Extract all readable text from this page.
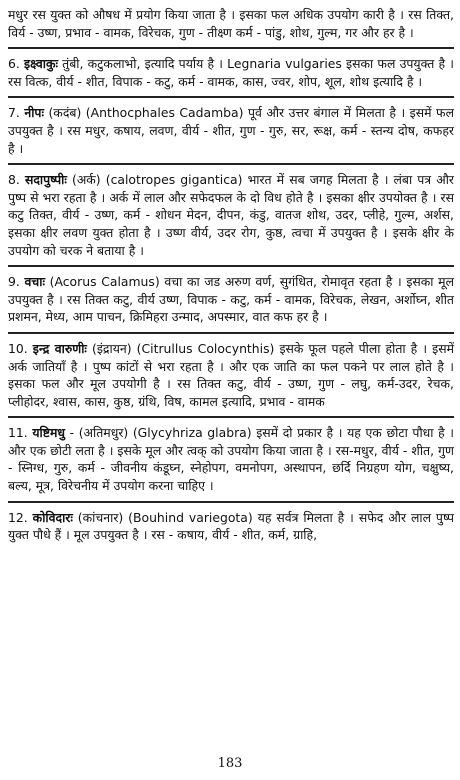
मधुर रस युक्त को औषध में प्रयोग किया जाता है । इसका फल अधिक उपयोग कारी है । रस तिक्त, विर्य - उष्ण, प्रभाव - वामक, विरेचक, गुण - तीक्ष्ण कर्म - पांडु, शोथ, गुल्म, गर और हर है ।

6. इक्ष्वाकुः तुंबी, कटुकलाभो, इत्यादि पर्याय है । Legnaria vulgaries इसका फल उपयुक्त है । रस वित्क, वीर्य - शीत, विपाक - कटु, कर्म - वामक, कास, ज्वर, शोप, शूल, शोथ इत्यादि है ।

7. नीपः (कदंब) (Anthocphales Cadamba) पूर्व और उत्तर बंगाल में मिलता है । इसमें फल उपयुक्त है । रस मधुर, कषाय, लवण, वीर्य - शीत, गुण - गुरु, सर, रूक्ष, कर्म - स्तन्य दोष, कफहर है ।

8. सदापुष्पीः (अर्क) (calotropes gigantica) भारत में सब जगह मिलता है । लंबा पत्र और पुष्प से भरा रहता है । अर्क में लाल और सफेदफल के दो विध होते है । इसका क्षीर उपयोक्त है । रस कटु तिक्त, वीर्य - उष्ण, कर्म - शोधन मेदन, दीपन, कंडु, वातज शोथ, उदर, प्लीहे, गुल्म, अर्शस, इसका क्षीर लवण युक्त होता है । उष्ण वीर्य, उदर रोग, कुष्ठ, त्वचा में उपयुक्त है । इसके क्षीर के उपयोग को चरक ने बताया है ।

9. वचाः (Acorus Calamus) वचा का जड अरुण वर्ण, सुगंधित, रोमावृत रहता है । इसका मूल उपयुक्त है । रस तिक्त कटु, वीर्य उष्ण, विपाक - कटु, कर्म - वामक, विरेचक, लेखन, अर्शोघ्न, शीत प्रशमन, मेध्य, आम पाचन, क्रिमिहरा उन्माद, अपस्मार, वात कफ हर है ।

10. इन्द्र वारुणीः (इंद्रायन) (Citrullus Colocynthis) इसके फूल पहले पीला होता है । इसमें अर्क जातियाँ है । पुष्प कांटों से भरा रहता है । और एक जाति का फल पकने पर लाल होते है । इसका फल और मूल उपयोगी है । रस तिक्त कटु, वीर्य - उष्ण, गुण - लघु, कर्म-उदर, रेचक, प्लीहोदर, श्वास, कास, कुष्ठ, ग्रंथि, विष, कामल इत्यादि, प्रभाव - वामक

11. यष्टिमधु - (अतिमधुर) (Glycyhriza glabra) इसमें दो प्रकार है । यह एक छोटा पौधा है । और एक छोटी लता है । इसके मूल और त्वक् को उपयोग किया जाता है । रस-मधुर, वीर्य - शीत, गुण - स्निग्ध, गुरु, कर्म - जीवनीय कंडूघ्न, स्नेहोपग, वमनोपग, अस्थापन, छर्दि निग्रहण योग, चक्षुष्य, बल्य, मूत्र, विरेचनीय में उपयोग करना चाहिए ।

12. कोविदारः (कांचनार) (Bouhind variegota) यह सर्वत्र मिलता है । सफेद और लाल पुष्प युक्त पौधे हैं । मूल उपयुक्त है । रस - कषाय, वीर्य - शीत, कर्म, ग्राहि,

183
